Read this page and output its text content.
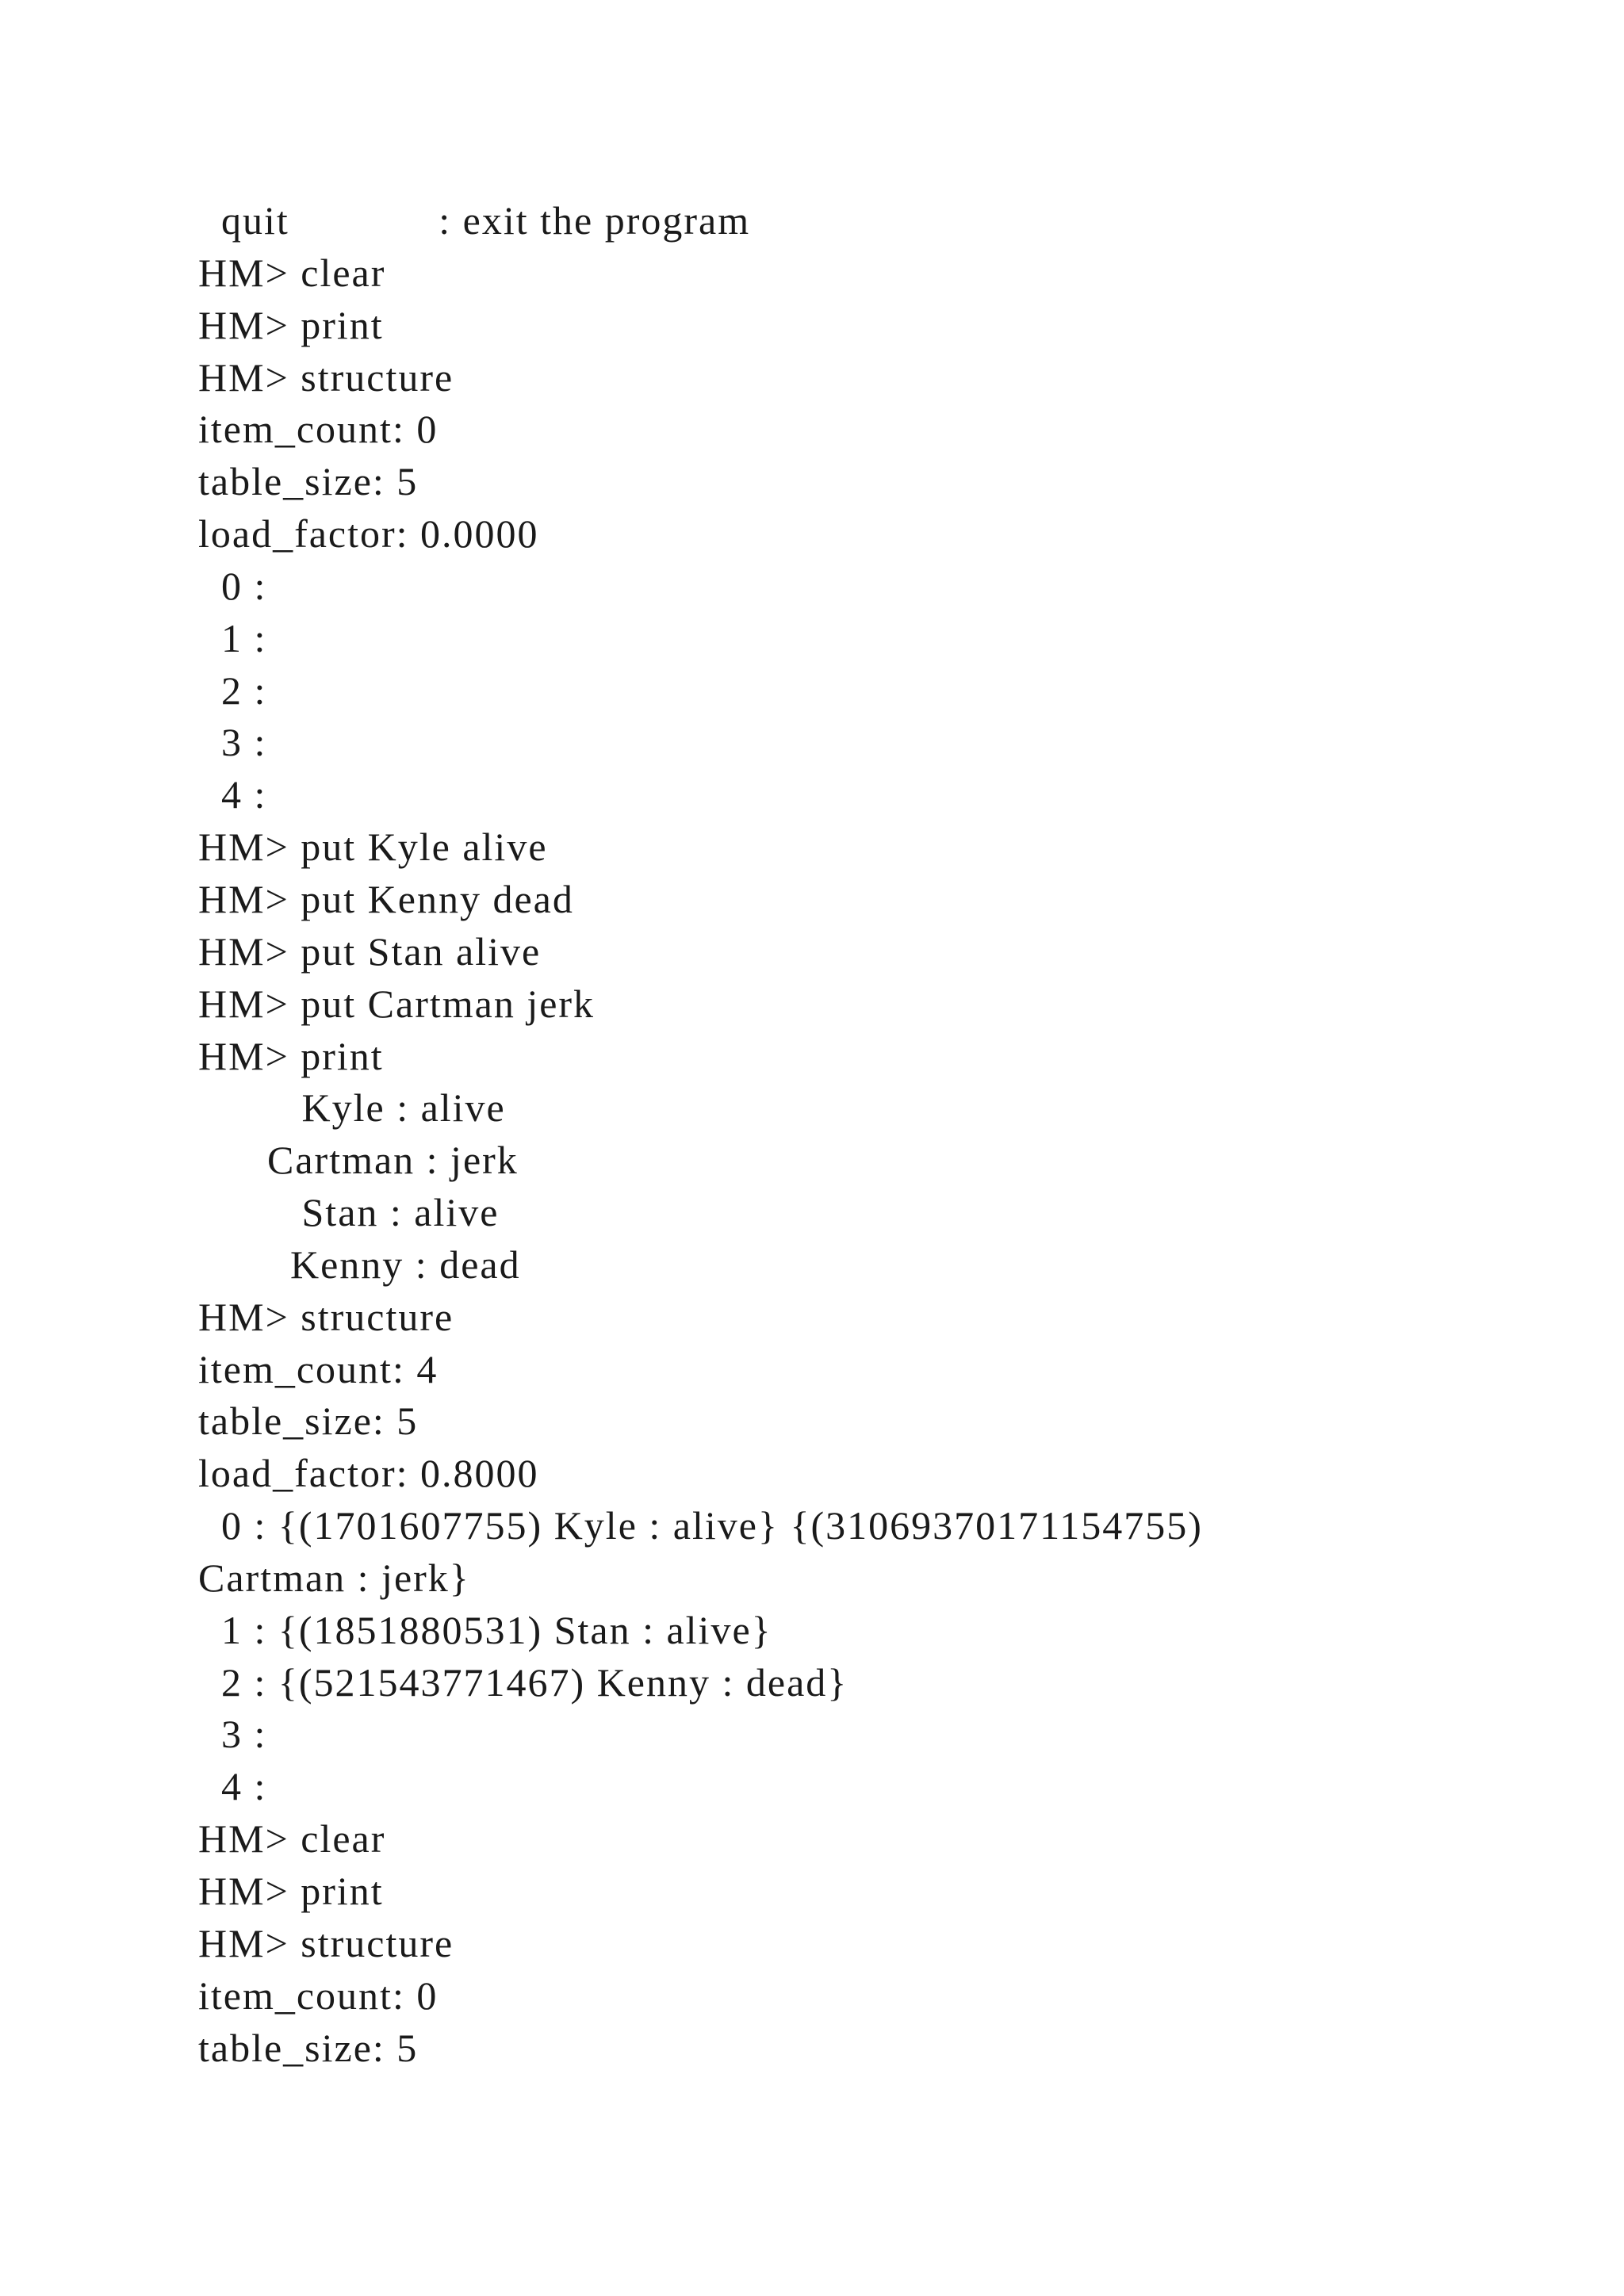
quit             : exit the program
HM> clear
HM> print
HM> structure
item_count: 0
table_size: 5
load_factor: 0.0000
0 :
1 :
2 :
3 :
4 :
HM> put Kyle alive
HM> put Kenny dead
HM> put Stan alive
HM> put Cartman jerk
HM> print
Kyle : alive
Cartman : jerk
Stan : alive
Kenny : dead
HM> structure
item_count: 4
table_size: 5
load_factor: 0.8000
0 : {(1701607755) Kyle : alive} {(31069370171154755)
Cartman : jerk}
1 : {(1851880531) Stan : alive}
2 : {(521543771467) Kenny : dead}
3 :
4 :
HM> clear
HM> print
HM> structure
item_count: 0
table_size: 5
